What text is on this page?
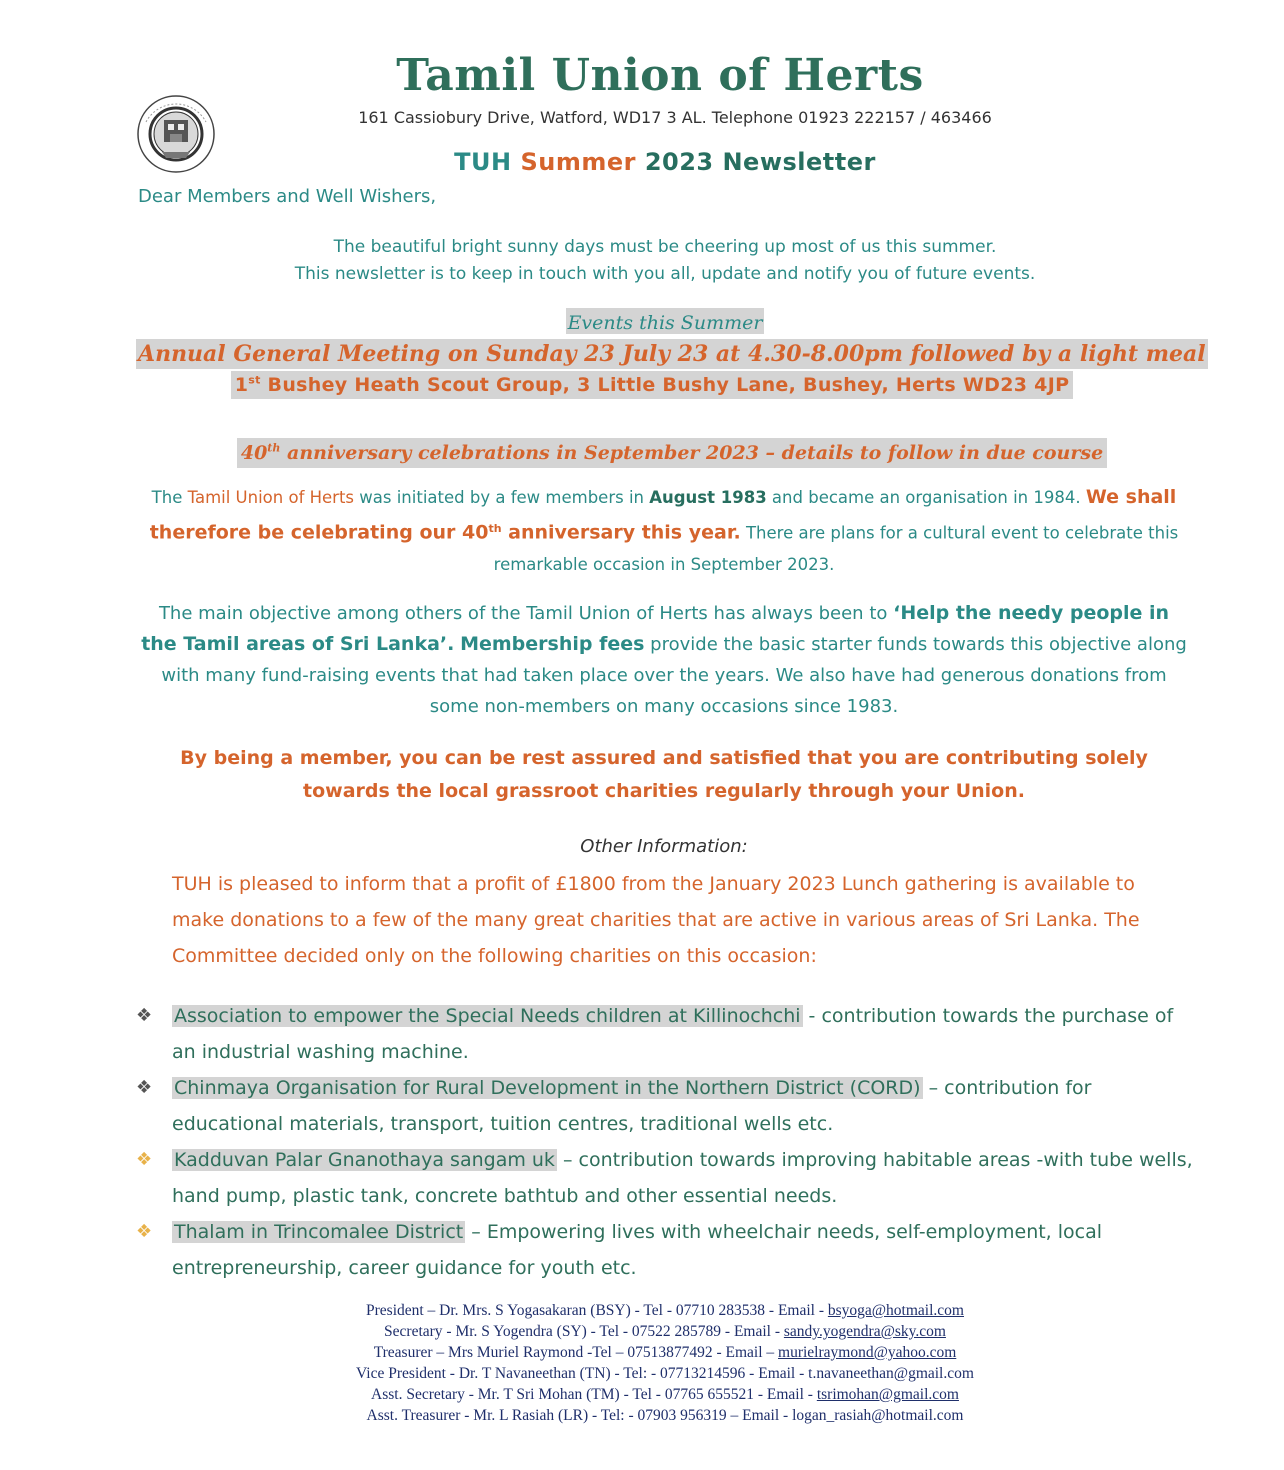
Tamil Union of Herts
161 Cassiobury Drive, Watford, WD17 3 AL. Telephone 01923 222157 / 463466
TUH Summer 2023 Newsletter
Dear Members and Well Wishers,
The beautiful bright sunny days must be cheering up most of us this summer.
This newsletter is to keep in touch with you all, update and notify you of future events.
Events this Summer
Annual General Meeting on Sunday 23 July 23 at 4.30-8.00pm followed by a light meal
1st Bushey Heath Scout Group, 3 Little Bushy Lane, Bushey, Herts WD23 4JP
40th anniversary celebrations in September 2023 – details to follow in due course
The Tamil Union of Herts was initiated by a few members in August 1983 and became an organisation in 1984. We shall therefore be celebrating our 40th anniversary this year. There are plans for a cultural event to celebrate this remarkable occasion in September 2023.
The main objective among others of the Tamil Union of Herts has always been to ‘Help the needy people in the Tamil areas of Sri Lanka’. Membership fees provide the basic starter funds towards this objective along with many fund-raising events that had taken place over the years. We also have had generous donations from some non-members on many occasions since 1983.
By being a member, you can be rest assured and satisfied that you are contributing solely towards the local grassroot charities regularly through your Union.
Other Information:
TUH is pleased to inform that a profit of £1800 from the January 2023 Lunch gathering is available to make donations to a few of the many great charities that are active in various areas of Sri Lanka. The Committee decided only on the following charities on this occasion:
❖ Association to empower the Special Needs children at Killinochchi - contribution towards the purchase of an industrial washing machine.
❖ Chinmaya Organisation for Rural Development in the Northern District (CORD) – contribution for educational materials, transport, tuition centres, traditional wells etc.
❖ Kadduvan Palar Gnanothaya sangam uk – contribution towards improving habitable areas -with tube wells, hand pump, plastic tank, concrete bathtub and other essential needs.
❖ Thalam in Trincomalee District – Empowering lives with wheelchair needs, self-employment, local entrepreneurship, career guidance for youth etc.
President – Dr. Mrs. S Yogasakaran (BSY) - Tel - 07710 283538 - Email - bsyoga@hotmail.com
Secretary - Mr. S Yogendra (SY) - Tel - 07522 285789 - Email - sandy.yogendra@sky.com
Treasurer – Mrs Muriel Raymond -Tel – 07513877492 - Email – murielraymond@yahoo.com
Vice President - Dr. T Navaneethan (TN) - Tel: - 07713214596 - Email - t.navaneethan@gmail.com
Asst. Secretary - Mr. T Sri Mohan (TM) - Tel - 07765 655521 - Email - tsrimohan@gmail.com
Asst. Treasurer - Mr. L Rasiah (LR) - Tel: - 07903 956319 – Email - logan_rasiah@hotmail.com
